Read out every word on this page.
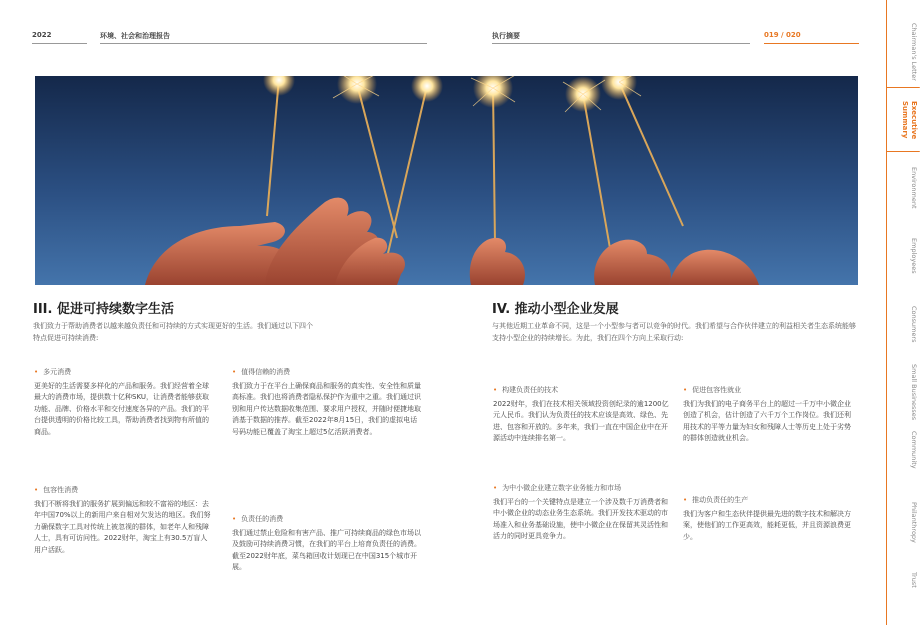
2022	环境、社会和治理报告	执行摘要	019 / 020
III. 促进可持续数字生活
我们致力于帮助消费者以越来越负责任和可持续的方式实现更好的生活。我们通过以下四个特点促进可持续消费:
• 多元消费

更美好的生活需要多样化的产品和服务。我们经营着全球最大的消费市场，提供数十亿种SKU，让消费者能够获取功能、品牌、价格水平和交付速度各异的产品。我们的平台提供透明的价格比较工具，帮助消费者找到物有所值的商品。

• 值得信赖的消费

我们致力于在平台上确保商品和服务的真实性、安全性和质量高标准。我们也将消费者隐私保护作为重中之重。我们通过识别和用户传达数据收集范围、要求用户授权，并随时便捷地取消基于数据的推荐。截至2022年8月15日，我们的虚拟电话号码功能已覆盖了淘宝上超过5亿活跃消费者。

• 包容性消费

我们不断将我们的服务扩展到偏远和较不富裕的地区：去年中国70%以上的新用户来自相对欠发达的地区。我们努力确保数字工具对传统上被忽视的群体，如老年人和残障人士，具有可访问性。2022财年，淘宝上有30.5万盲人用户活跃。

• 负责任的消费

我们通过禁止危险和有害产品、推广可持续商品的绿色市场以及鼓励可持续消费习惯，在我们的平台上培育负责任的消费。截至2022财年底，菜鸟箱回收计划现已在中国315个城市开展。

IV. 推动小型企业发展
与其他近期工业革命不同，这是一个小型参与者可以竞争的时代。我们希望与合作伙伴建立的利益相关者生态系统能够支持小型企业的持续增长。为此，我们在四个方向上采取行动:
• 构建负责任的技术

2022财年，我们在技术相关领域投资创纪录的逾1200亿元人民币。我们认为负责任的技术应该是高效、绿色、先进、包容和开放的。多年来，我们一直在中国企业中在开源活动中连续排名第一。

• 促进包容性就业

我们为我们的电子商务平台上的超过一千万中小微企业创造了机会，估计创造了六千万个工作岗位。我们还利用技术的平等力量为妇女和残障人士等历史上处于劣势的群体创造就业机会。

• 为中小微企业建立数字业务能力和市场

我们平台的一个关键特点是建立一个涉及数千万消费者和中小微企业的动态业务生态系统。我们开发技术驱动的市场准入和业务基础设施，使中小微企业在保留其灵活性和活力的同时更具竞争力。

• 推动负责任的生产

我们为客户和生态伙伴提供最先进的数字技术和解决方案，使他们的工作更高效，能耗更低，并且资源浪费更少。

Chairman's Letter
Executive Summary
Environment
Employees
Consumers
Small Businesses
Community
Philanthropy
Trust
